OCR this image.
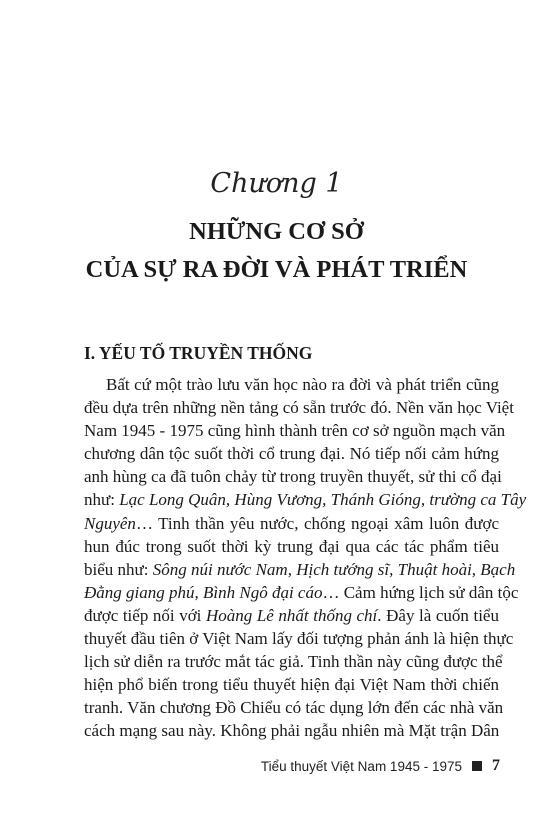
Chương 1
NHỮNG CƠ SỞ
CỦA SỰ RA ĐỜI VÀ PHÁT TRIỂN
I. YẾU TỐ TRUYỀN THỐNG
Bất cứ một trào lưu văn học nào ra đời và phát triển cũng
đều dựa trên những nền tảng có sẵn trước đó. Nền văn học Việt
Nam 1945 - 1975 cũng hình thành trên cơ sở nguồn mạch văn
chương dân tộc suốt thời cổ trung đại. Nó tiếp nối cảm hứng
anh hùng ca đã tuôn chảy từ trong truyền thuyết, sử thi cổ đại
như: Lạc Long Quân, Hùng Vương, Thánh Gióng, trường ca Tây
Nguyên… Tinh thần yêu nước, chống ngoại xâm luôn được
hun đúc trong suốt thời kỳ trung đại qua các tác phẩm tiêu
biểu như: Sông núi nước Nam, Hịch tướng sĩ, Thuật hoài, Bạch
Đằng giang phú, Bình Ngô đại cáo… Cảm hứng lịch sử dân tộc
được tiếp nối với Hoàng Lê nhất thống chí. Đây là cuốn tiểu
thuyết đầu tiên ở Việt Nam lấy đối tượng phản ánh là hiện thực
lịch sử diễn ra trước mắt tác giả. Tinh thần này cũng được thể
hiện phổ biến trong tiểu thuyết hiện đại Việt Nam thời chiến
tranh. Văn chương Đồ Chiểu có tác dụng lớn đến các nhà văn
cách mạng sau này. Không phải ngẫu nhiên mà Mặt trận Dân
Tiểu thuyết Việt Nam 1945 - 1975 7
